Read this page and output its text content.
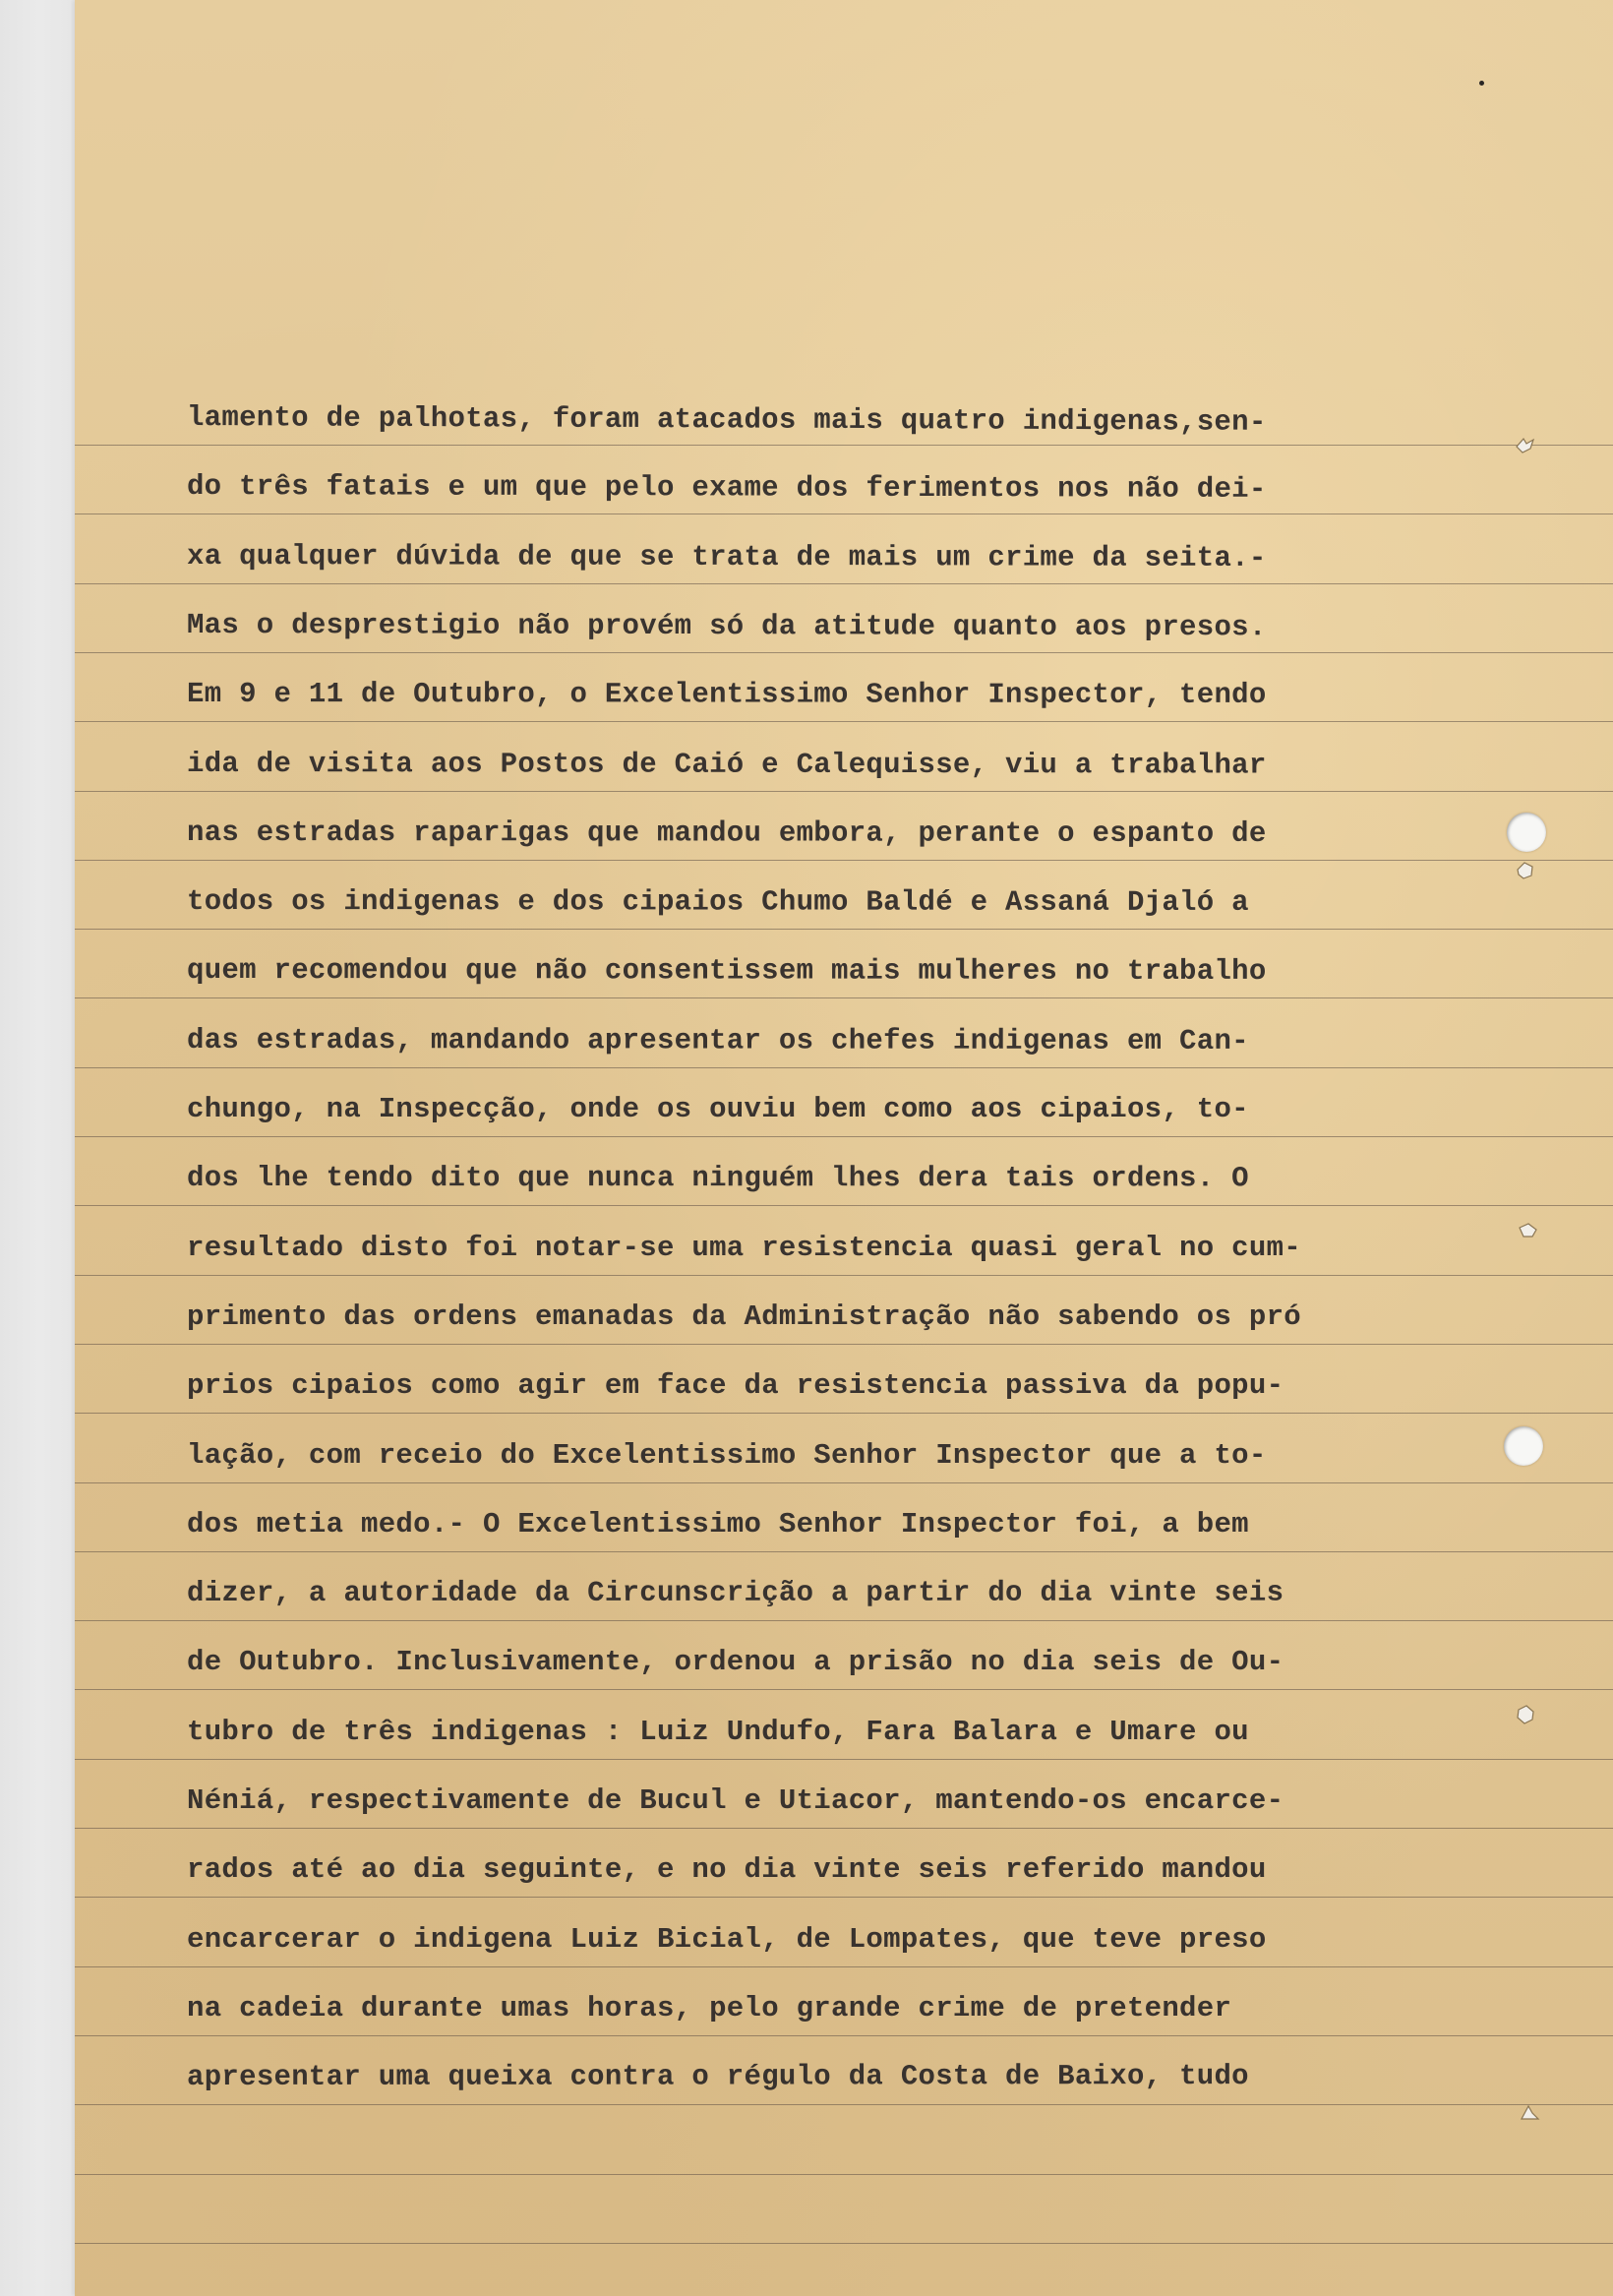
lamento de palhotas, foram atacados mais quatro indigenas,sen-
do três fatais e um que pelo exame dos ferimentos nos não dei-
xa qualquer dúvida de que se trata de mais um crime da seita.-
Mas o desprestigio não provém só da atitude quanto aos presos.
Em 9 e 11 de Outubro, o Excelentissimo Senhor Inspector, tendo
ida de visita aos Postos de Caió e Calequisse, viu a trabalhar
nas estradas raparigas que mandou embora, perante o espanto de
todos os indigenas e dos cipaios Chumo Baldé e Assaná Djaló a
quem recomendou que não consentissem mais mulheres no trabalho
das estradas, mandando apresentar os chefes indigenas em Can-
chungo, na Inspecção, onde os ouviu bem como aos cipaios, to-
dos lhe tendo dito que nunca ninguém lhes dera tais ordens. O
resultado disto foi notar-se uma resistencia quasi geral no cum-
primento das ordens emanadas da Administração não sabendo os pró
prios cipaios como agir em face da resistencia passiva da popu-
lação, com receio do Excelentissimo Senhor Inspector que a to-
dos metia medo.- O Excelentissimo Senhor Inspector foi, a bem
dizer, a autoridade da Circunscrição a partir do dia vinte seis
de Outubro. Inclusivamente, ordenou a prisão no dia seis de Ou-
tubro de três indigenas : Luiz Undufo, Fara Balara e Umare ou
Néniá, respectivamente de Bucul e Utiacor, mantendo-os encarce-
rados até ao dia seguinte, e no dia vinte seis referido mandou
encarcerar o indigena Luiz Bicial, de Lompates, que teve preso
na cadeia durante umas horas, pelo grande crime de pretender
apresentar uma queixa contra o régulo da Costa de Baixo, tudo
